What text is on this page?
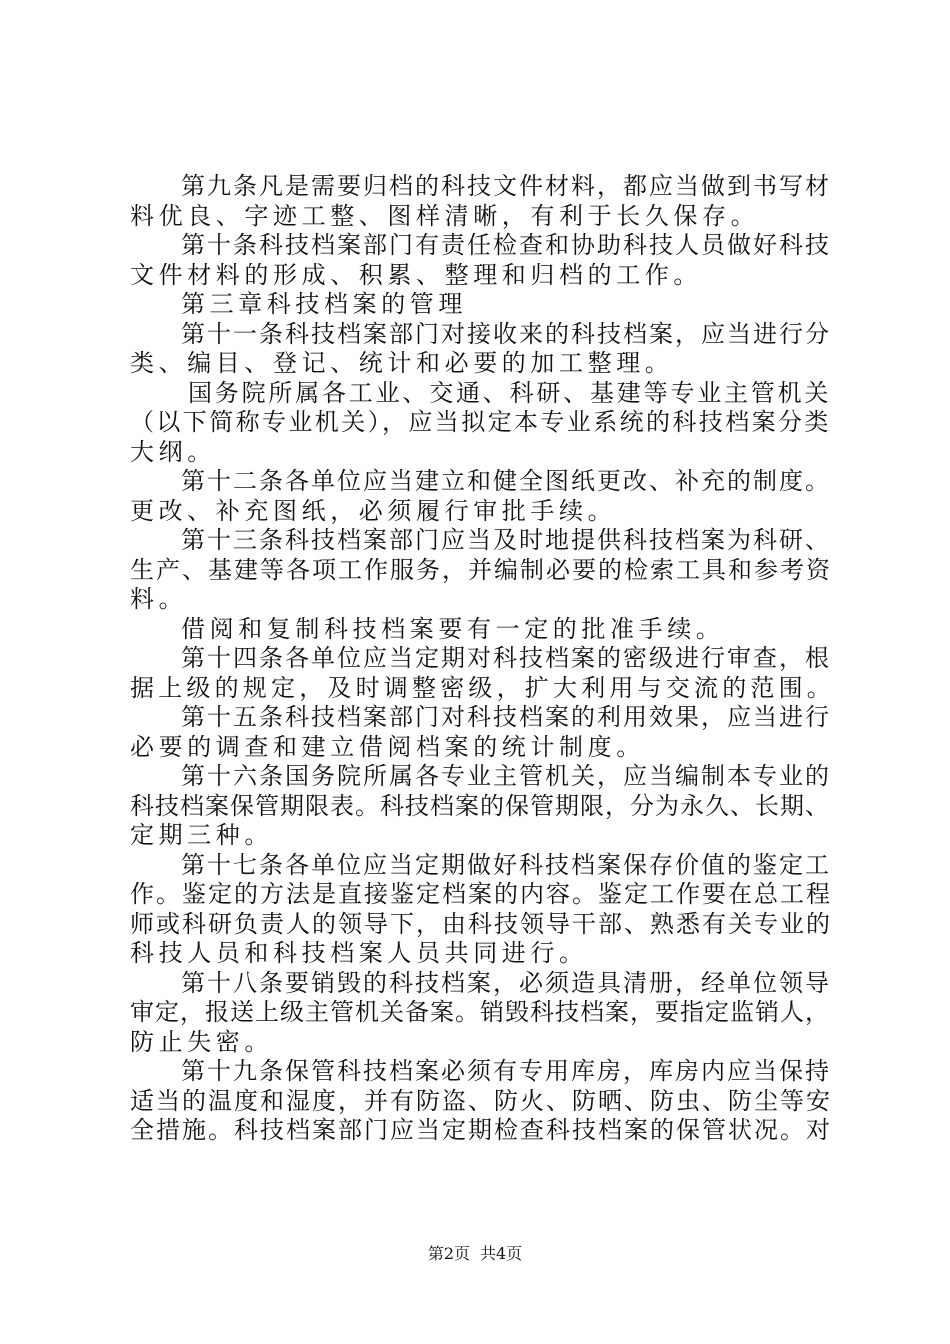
第九条凡是需要归档的科技文件材料，都应当做到书写材
料优良、字迹工整、图样清晰，有利于长久保存。
第十条科技档案部门有责任检查和协助科技人员做好科技
文件材料的形成、积累、整理和归档的工作。
第三章科技档案的管理
第十一条科技档案部门对接收来的科技档案，应当进行分
类、编目、登记、统计和必要的加工整理。
国务院所属各工业、交通、科研、基建等专业主管机关
（以下简称专业机关），应当拟定本专业系统的科技档案分类
大纲。
第十二条各单位应当建立和健全图纸更改、补充的制度。
更改、补充图纸，必须履行审批手续。
第十三条科技档案部门应当及时地提供科技档案为科研、
生产、基建等各项工作服务，并编制必要的检索工具和参考资
料。
借阅和复制科技档案要有一定的批准手续。
第十四条各单位应当定期对科技档案的密级进行审查，根
据上级的规定，及时调整密级，扩大利用与交流的范围。
第十五条科技档案部门对科技档案的利用效果，应当进行
必要的调查和建立借阅档案的统计制度。
第十六条国务院所属各专业主管机关，应当编制本专业的
科技档案保管期限表。科技档案的保管期限，分为永久、长期、
定期三种。
第十七条各单位应当定期做好科技档案保存价值的鉴定工
作。鉴定的方法是直接鉴定档案的内容。鉴定工作要在总工程
师或科研负责人的领导下，由科技领导干部、熟悉有关专业的
科技人员和科技档案人员共同进行。
第十八条要销毁的科技档案，必须造具清册，经单位领导
审定，报送上级主管机关备案。销毁科技档案，要指定监销人，
防止失密。
第十九条保管科技档案必须有专用库房，库房内应当保持
适当的温度和湿度，并有防盗、防火、防晒、防虫、防尘等安
全措施。科技档案部门应当定期检查科技档案的保管状况。对
第2页 共4页
